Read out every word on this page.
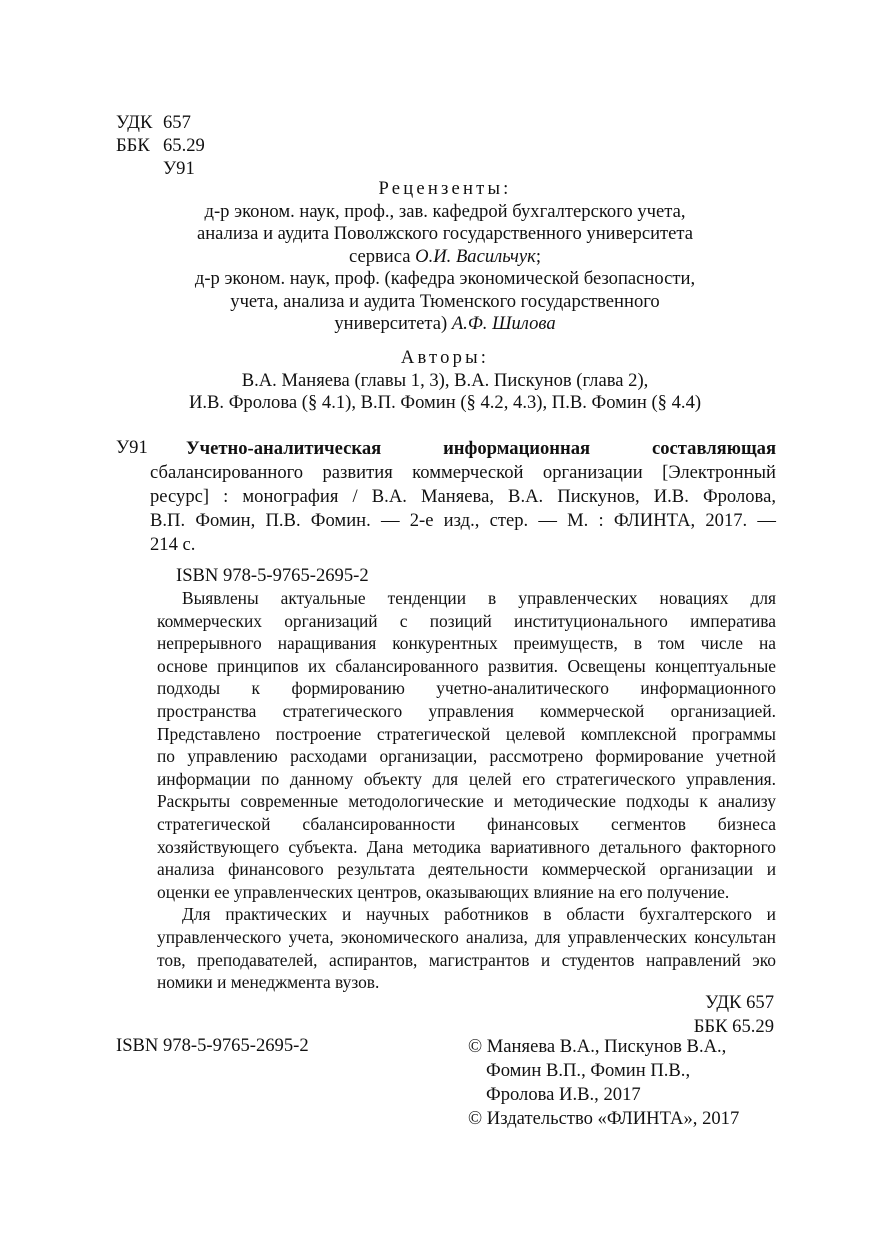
УДК 657
ББК 65.29
У91
Рецензенты:
д-р эконом. наук, проф., зав. кафедрой бухгалтерского учета,
анализа и аудита Поволжского государственного университета
сервиса О.И. Васильчук;
д-р эконом. наук, проф. (кафедра экономической безопасности,
учета, анализа и аудита Тюменского государственного
университета) А.Ф. Шилова
Авторы:
В.А. Маняева (главы 1, 3), В.А. Пискунов (глава 2),
И.В. Фролова (§ 4.1), В.П. Фомин (§ 4.2, 4.3), П.В. Фомин (§ 4.4)
У91	Учетно-аналитическая информационная составляющая
сбалансированного развития коммерческой организации [Электронный
ресурс] : монография / В.А. Маняева, В.А. Пискунов, И.В. Фролова,
В.П. Фомин, П.В. Фомин. — 2-е изд., стер. — М. : ФЛИНТА, 2017. —
214 с.
ISBN 978-5-9765-2695-2
Выявлены актуальные тенденции в управленческих новациях для
коммерческих организаций с позиций институционального императива
непрерывного наращивания конкурентных преимуществ, в том числе на
основе принципов их сбалансированного развития. Освещены концептуальные
подходы к формированию учетно-аналитического информационного
пространства стратегического управления коммерческой организацией.
Представлено построение стратегической целевой комплексной программы
по управлению расходами организации, рассмотрено формирование учетной
информации по данному объекту для целей его стратегического управления.
Раскрыты современные методологические и методические подходы к анализу
стратегической сбалансированности финансовых сегментов бизнеса
хозяйствующего субъекта. Дана методика вариативного детального факторного
анализа финансового результата деятельности коммерческой организации и
оценки ее управленческих центров, оказывающих влияние на его получение.
Для практических и научных работников в области бухгалтерского и
управленческого учета, экономического анализа, для управленческих консультан
тов, преподавателей, аспирантов, магистрантов и студентов направлений эко
номики и менеджмента вузов.
УДК 657
ББК 65.29
ISBN 978-5-9765-2695-2	© Маняева В.А., Пискунов В.А.,
Фомин В.П., Фомин П.В.,
Фролова И.В., 2017
© Издательство «ФЛИНТА», 2017
